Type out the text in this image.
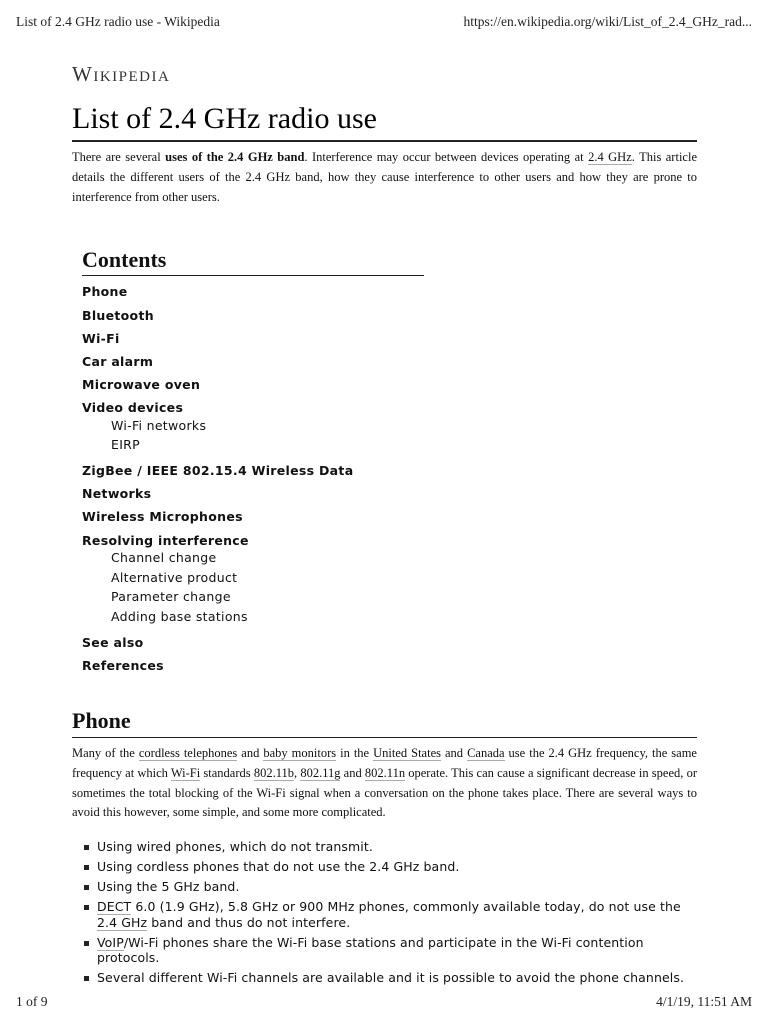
List of 2.4 GHz radio use - Wikipedia	https://en.wikipedia.org/wiki/List_of_2.4_GHz_rad...
Wikipedia
List of 2.4 GHz radio use

There are several uses of the 2.4 GHz band. Interference may occur between devices operating at 2.4 GHz. This article details the different users of the 2.4 GHz band, how they cause interference to other users and how they are prone to interference from other users.

Contents
Phone
Bluetooth
Wi-Fi
Car alarm
Microwave oven
Video devices
Wi-Fi networks
EIRP
ZigBee / IEEE 802.15.4 Wireless Data Networks
Wireless Microphones
Resolving interference
Channel change
Alternative product
Parameter change
Adding base stations
See also
References
Phone

Many of the cordless telephones and baby monitors in the United States and Canada use the 2.4 GHz frequency, the same frequency at which Wi-Fi standards 802.11b, 802.11g and 802.11n operate. This can cause a significant decrease in speed, or sometimes the total blocking of the Wi-Fi signal when a conversation on the phone takes place. There are several ways to avoid this however, some simple, and some more complicated.

Using wired phones, which do not transmit.
Using cordless phones that do not use the 2.4 GHz band.
Using the 5 GHz band.
DECT 6.0 (1.9 GHz), 5.8 GHz or 900 MHz phones, commonly available today, do not use the 2.4 GHz band and thus do not interfere.
VoIP/Wi-Fi phones share the Wi-Fi base stations and participate in the Wi-Fi contention protocols.
Several different Wi-Fi channels are available and it is possible to avoid the phone channels.
1 of 9	4/1/19, 11:51 AM
